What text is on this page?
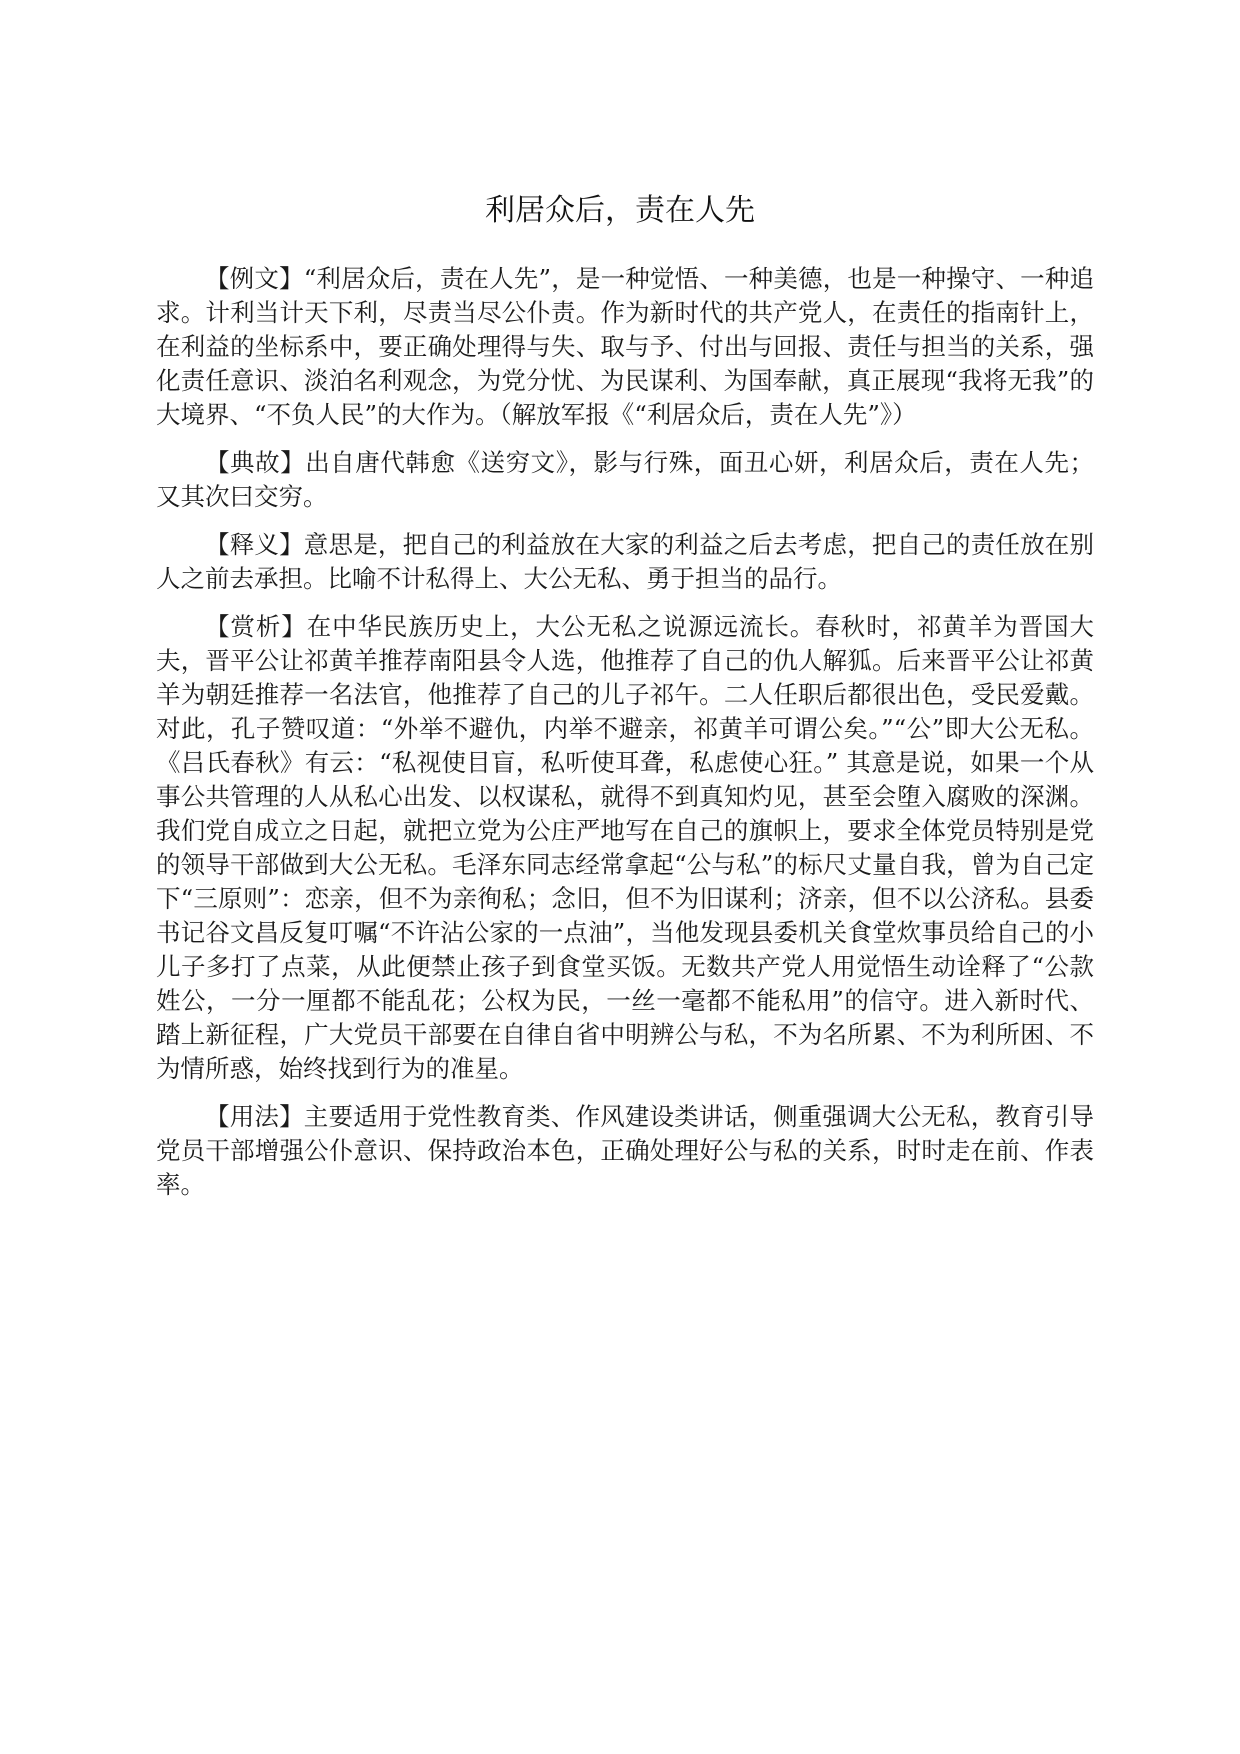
利居众后，责在人先

【例文】“利居众后，责在人先”，是一种觉悟、一种美德，也是一种操守、一种追求。计利当计天下利，尽责当尽公仆责。作为新时代的共产党人，在责任的指南针上，在利益的坐标系中，要正确处理得与失、取与予、付出与回报、责任与担当的关系，强化责任意识、淡泊名利观念，为党分忧、为民谋利、为国奉献，真正展现“我将无我”的大境界、“不负人民”的大作为。（解放军报《“利居众后，责在人先”》）

【典故】出自唐代韩愈《送穷文》，影与行殊，面丑心妍，利居众后，责在人先；又其次曰交穷。

【释义】意思是，把自己的利益放在大家的利益之后去考虑，把自己的责任放在别人之前去承担。比喻不计私得上、大公无私、勇于担当的品行。

【赏析】在中华民族历史上，大公无私之说源远流长。春秋时，祁黄羊为晋国大夫，晋平公让祁黄羊推荐南阳县令人选，他推荐了自己的仇人解狐。后来晋平公让祁黄羊为朝廷推荐一名法官，他推荐了自己的儿子祁午。二人任职后都很出色，受民爱戴。对此，孔子赞叹道：“外举不避仇，内举不避亲，祁黄羊可谓公矣。”“公”即大公无私。《吕氏春秋》有云：“私视使目盲，私听使耳聋，私虑使心狂。” 其意是说，如果一个从事公共管理的人从私心出发、以权谋私，就得不到真知灼见，甚至会堕入腐败的深渊。我们党自成立之日起，就把立党为公庄严地写在自己的旗帜上，要求全体党员特别是党的领导干部做到大公无私。毛泽东同志经常拿起“公与私”的标尺丈量自我，曾为自己定下“三原则”：恋亲，但不为亲徇私；念旧，但不为旧谋利；济亲，但不以公济私。县委书记谷文昌反复叮嘱“不许沾公家的一点油”，当他发现县委机关食堂炊事员给自己的小儿子多打了点菜，从此便禁止孩子到食堂买饭。无数共产党人用觉悟生动诠释了“公款姓公，一分一厘都不能乱花；公权为民，一丝一毫都不能私用”的信守。进入新时代、踏上新征程，广大党员干部要在自律自省中明辨公与私，不为名所累、不为利所困、不为情所惑，始终找到行为的准星。

【用法】主要适用于党性教育类、作风建设类讲话，侧重强调大公无私，教育引导党员干部增强公仆意识、保持政治本色，正确处理好公与私的关系，时时走在前、作表率。
